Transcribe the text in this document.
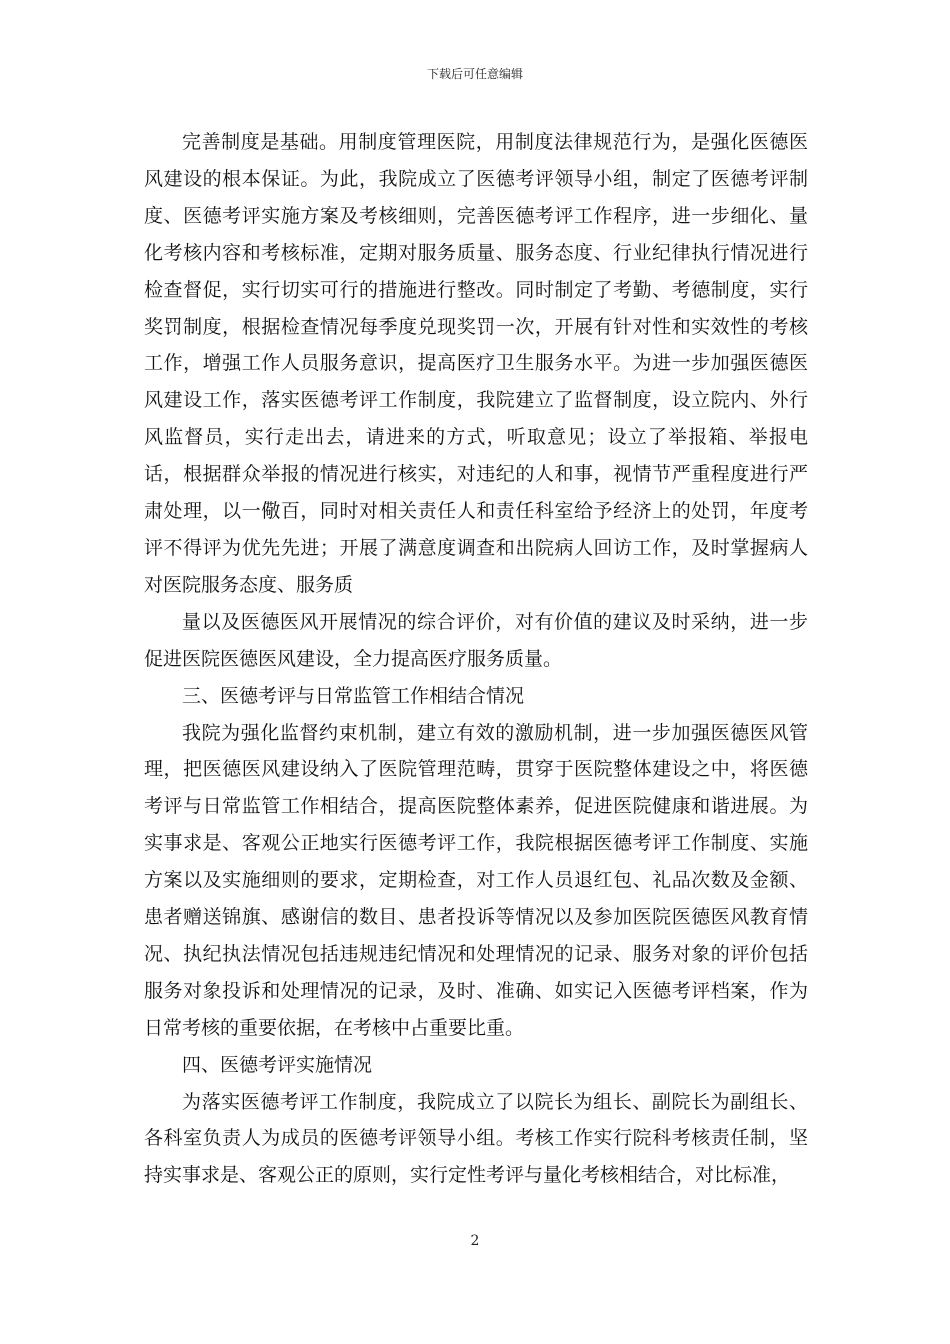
下载后可任意编辑

完善制度是基础。用制度管理医院，用制度法律规范行为，是强化医德医风建设的根本保证。为此，我院成立了医德考评领导小组，制定了医德考评制度、医德考评实施方案及考核细则，完善医德考评工作程序，进一步细化、量化考核内容和考核标准，定期对服务质量、服务态度、行业纪律执行情况进行检查督促，实行切实可行的措施进行整改。同时制定了考勤、考德制度，实行奖罚制度，根据检查情况每季度兑现奖罚一次，开展有针对性和实效性的考核工作，增强工作人员服务意识，提高医疗卫生服务水平。为进一步加强医德医风建设工作，落实医德考评工作制度，我院建立了监督制度，设立院内、外行风监督员，实行走出去，请进来的方式，听取意见；设立了举报箱、举报电话，根据群众举报的情况进行核实，对违纪的人和事，视情节严重程度进行严肃处理，以一儆百，同时对相关责任人和责任科室给予经济上的处罚，年度考评不得评为优先先进；开展了满意度调查和出院病人回访工作，及时掌握病人对医院服务态度、服务质

量以及医德医风开展情况的综合评价，对有价值的建议及时采纳，进一步促进医院医德医风建设，全力提高医疗服务质量。

三、医德考评与日常监管工作相结合情况

我院为强化监督约束机制，建立有效的激励机制，进一步加强医德医风管理，把医德医风建设纳入了医院管理范畴，贯穿于医院整体建设之中，将医德考评与日常监管工作相结合，提高医院整体素养，促进医院健康和谐进展。为实事求是、客观公正地实行医德考评工作，我院根据医德考评工作制度、实施方案以及实施细则的要求，定期检查，对工作人员退红包、礼品次数及金额、患者赠送锦旗、感谢信的数目、患者投诉等情况以及参加医院医德医风教育情况、执纪执法情况包括违规违纪情况和处理情况的记录、服务对象的评价包括服务对象投诉和处理情况的记录，及时、准确、如实记入医德考评档案，作为日常考核的重要依据，在考核中占重要比重。

四、医德考评实施情况

为落实医德考评工作制度，我院成立了以院长为组长、副院长为副组长、各科室负责人为成员的医德考评领导小组。考核工作实行院科考核责任制，坚持实事求是、客观公正的原则，实行定性考评与量化考核相结合，对比标准，

2
